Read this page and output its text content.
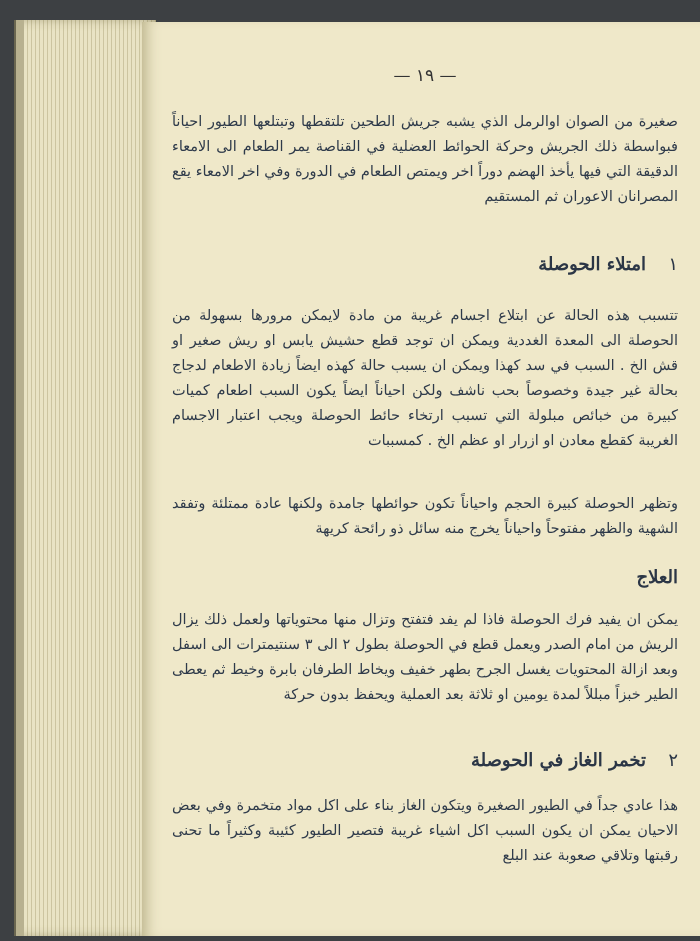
— ١٩ —
صغيرة من الصوان اوالرمل الذي يشبه جريش الطحين تلتقطها وتبتلعها الطيور احياناً فبواسطة ذلك الجريش وحركة الحوائط العضلية في القناصة يمر الطعام الى الامعاء الدقيقة التي فيها يأخذ الهضم دوراً اخر ويمتص الطعام في الدورة وفي اخر الامعاء يقع المصرانان الاعوران ثم المستقيم
١ امتلاء الحوصلة
تتسبب هذه الحالة عن ابتلاع اجسام غريبة من مادة لايمكن مرورها بسهولة من الحوصلة الى المعدة الغددية ويمكن ان توجد قطع حشيش يابس او ريش صغير او قش الخ . السبب في سد كهذا ويمكن ان يسبب حالة كهذه ايضاً زيادة الاطعام لدجاج بحالة غير جيدة وخصوصاً بحب ناشف ولكن احياناً ايضاً يكون السبب اطعام كميات كبيرة من خبائص مبلولة التي تسبب ارتخاء حائط الحوصلة ويجب اعتبار الاجسام الغريبة كقطع معادن او ازرار او عظم الخ . كمسببات
وتظهر الحوصلة كبيرة الحجم واحياناً تكون حوائطها جامدة ولكنها عادة ممتلئة وتفقد الشهية والظهر مفتوحاً واحياناً يخرج منه سائل ذو رائحة كريهة
العلاج
يمكن ان يفيد فرك الحوصلة فاذا لم يفد فتفتح وتزال منها محتوياتها ولعمل ذلك يزال الريش من امام الصدر ويعمل قطع في الحوصلة بطول ٢ الى ٣ سنتيمترات الى اسفل وبعد ازالة المحتويات يغسل الجرح بطهر خفيف ويخاط الطرفان بابرة وخيط ثم يعطى الطير خبزاً مبللاً لمدة يومين او ثلاثة بعد العملية ويحفظ بدون حركة
٢ تخمر الغاز في الحوصلة
هذا عادي جداً في الطيور الصغيرة ويتكون الغاز بناء على اكل مواد متخمرة وفي بعض الاحيان يمكن ان يكون السبب اكل اشياء غريبة فتصير الطيور كئيبة وكثيراً ما تحنى رقبتها وتلاقي صعوبة عند البلع
